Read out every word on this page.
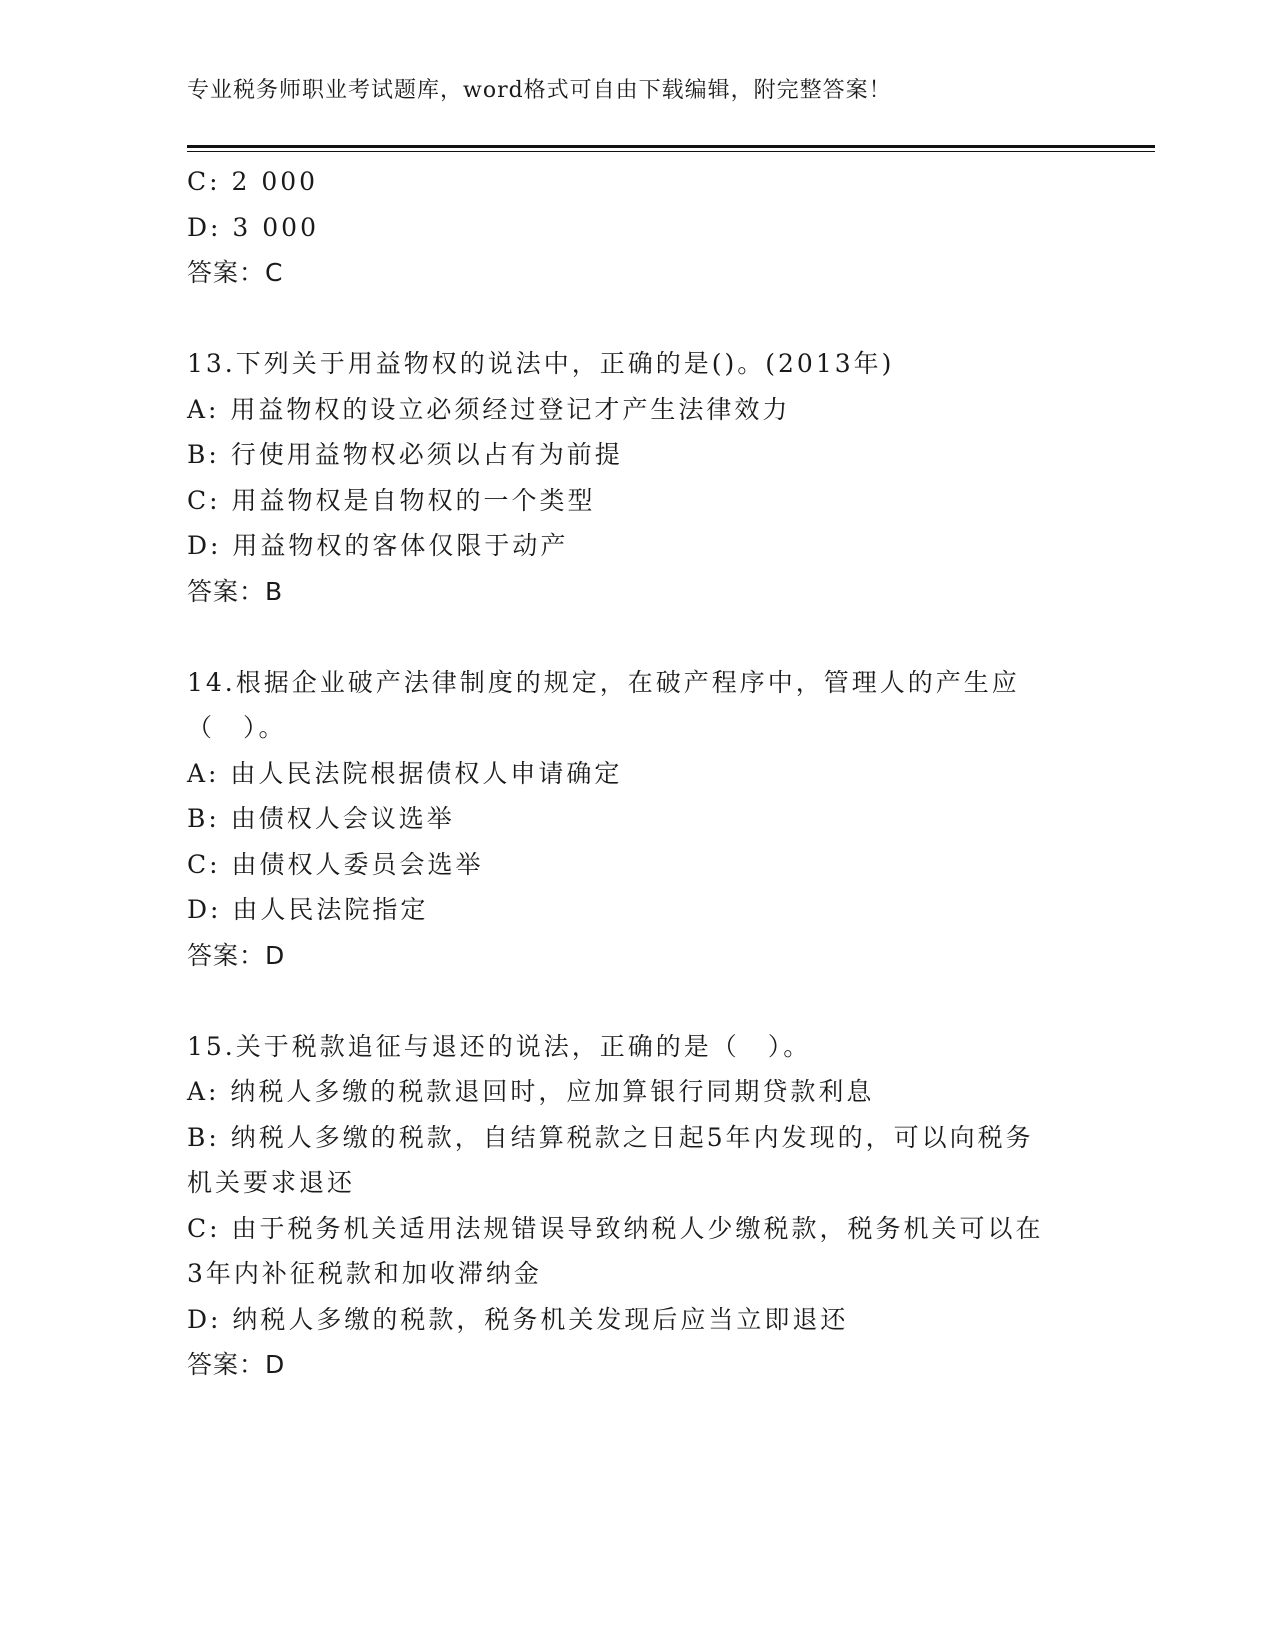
专业税务师职业考试题库，word格式可自由下载编辑，附完整答案！
C: 2 000
D: 3 000
答案：C
13.下列关于用益物权的说法中，正确的是()。(2013年)
A: 用益物权的设立必须经过登记才产生法律效力
B: 行使用益物权必须以占有为前提
C: 用益物权是自物权的一个类型
D: 用益物权的客体仅限于动产
答案：B
14.根据企业破产法律制度的规定，在破产程序中，管理人的产生应
（　）。
A: 由人民法院根据债权人申请确定
B: 由债权人会议选举
C: 由债权人委员会选举
D: 由人民法院指定
答案：D
15.关于税款追征与退还的说法，正确的是（　）。
A: 纳税人多缴的税款退回时，应加算银行同期贷款利息
B: 纳税人多缴的税款，自结算税款之日起5年内发现的，可以向税务
机关要求退还
C: 由于税务机关适用法规错误导致纳税人少缴税款，税务机关可以在
3年内补征税款和加收滞纳金
D: 纳税人多缴的税款，税务机关发现后应当立即退还
答案：D
